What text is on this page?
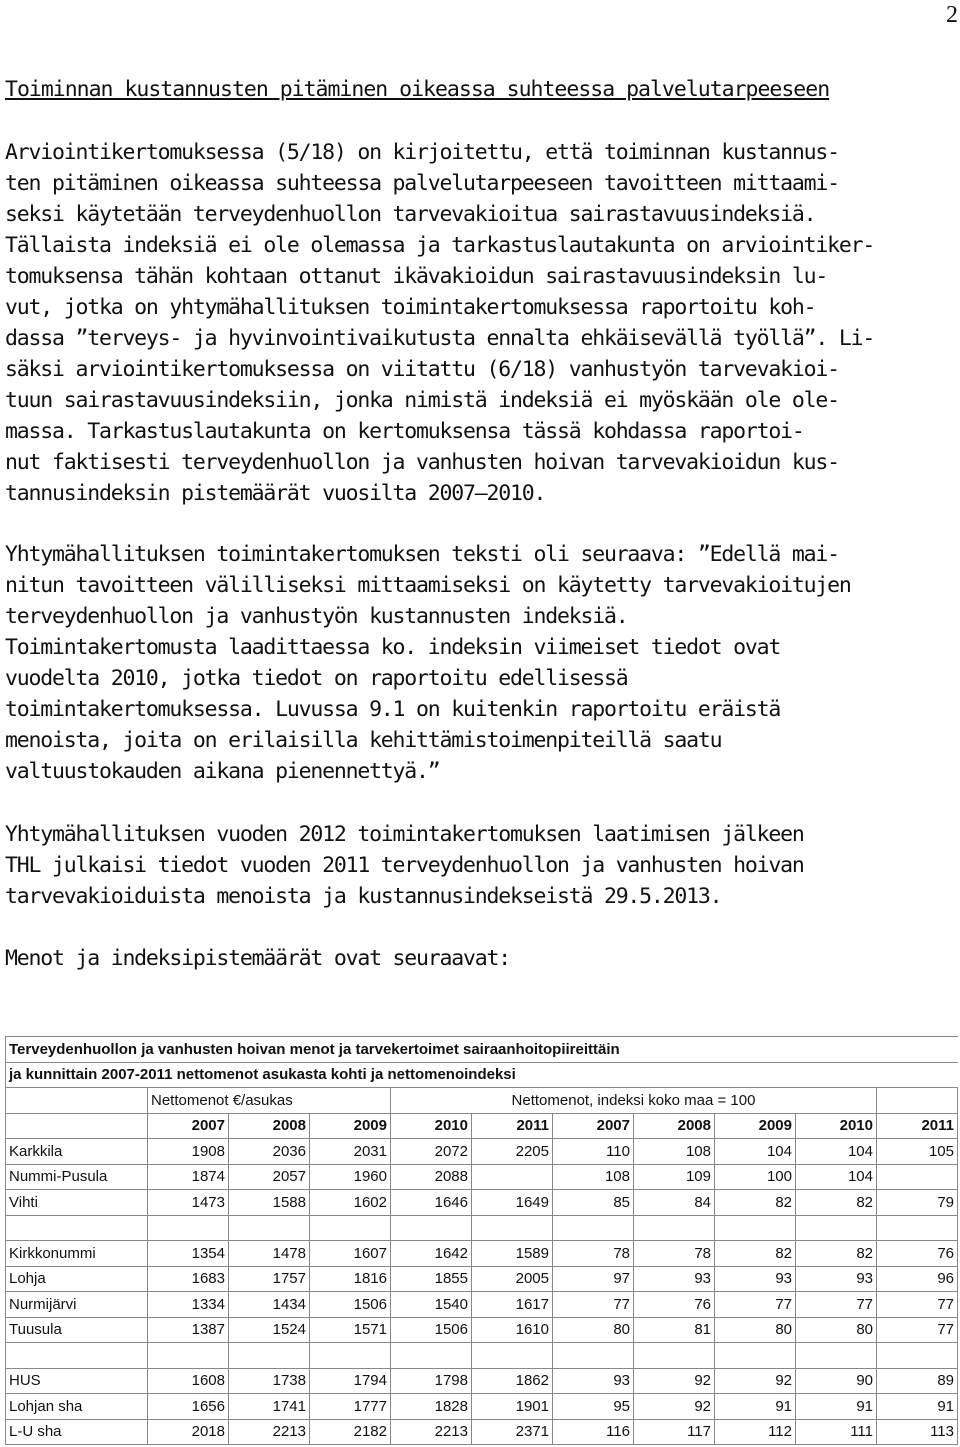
2
Toiminnan kustannusten pitäminen oikeassa suhteessa palvelutarpeeseen
Arviointikertomuksessa (5/18) on kirjoitettu, että toiminnan kustannus-
ten pitäminen oikeassa suhteessa palvelutarpeeseen tavoitteen mittaami-
seksi käytetään terveydenhuollon tarvevakioitua sairastavuusindeksiä.
Tällaista indeksiä ei ole olemassa ja tarkastuslautakunta on arviointiker-
tomuksensa tähän kohtaan ottanut ikävakioidun sairastavuusindeksin lu-
vut, jotka on yhtymähallituksen toimintakertomuksessa raportoitu koh-
dassa ”terveys- ja hyvinvointivaikutusta ennalta ehkäisevällä työllä”. Li-
säksi arviointikertomuksessa on viitattu (6/18) vanhustyön tarvevakioi-
tuun sairastavuusindeksiin, jonka nimistä indeksiä ei myöskään ole ole-
massa. Tarkastuslautakunta on kertomuksensa tässä kohdassa raportoi-
nut faktisesti terveydenhuollon ja vanhusten hoivan tarvevakioidun kus-
tannusindeksin pistemäärät vuosilta 2007–2010.
Yhtymähallituksen toimintakertomuksen teksti oli seuraava: ”Edellä mai-
nitun tavoitteen välilliseksi mittaamiseksi on käytetty tarvevakioitujen
terveydenhuollon ja vanhustyön kustannusten indeksiä.
Toimintakertomusta laadittaessa ko. indeksin viimeiset tiedot ovat
vuodelta 2010, jotka tiedot on raportoitu edellisessä
toimintakertomuksessa. Luvussa 9.1 on kuitenkin raportoitu eräistä
menoista, joita on erilaisilla kehittämistoimenpiteillä saatu
valtuustokauden aikana pienennettyä.”
Yhtymähallituksen vuoden 2012 toimintakertomuksen laatimisen jälkeen
THL julkaisi tiedot vuoden 2011 terveydenhuollon ja vanhusten hoivan
tarvevakioiduista menoista ja kustannusindekseistä 29.5.2013.
Menot ja indeksipistemäärät ovat seuraavat:
Terveydenhuollon ja vanhusten hoivan menot ja tarvekertoimet sairaanhoitopiireittäin										
ja kunnittain 2007-2011 nettomenot asukasta kohti ja nettomenoindeksi										
	Nettomenot €/asukas			Nettomenot, indeksi koko maa = 100						
	2007	2008	2009	2010	2011	2007	2008	2009	2010	2011
Karkkila	1908	2036	2031	2072	2205	110	108	104	104	105
Nummi-Pusula	1874	2057	1960	2088		108	109	100	104	
Vihti	1473	1588	1602	1646	1649	85	84	82	82	79

Kirkkonummi	1354	1478	1607	1642	1589	78	78	82	82	76
Lohja	1683	1757	1816	1855	2005	97	93	93	93	96
Nurmijärvi	1334	1434	1506	1540	1617	77	76	77	77	77
Tuusula	1387	1524	1571	1506	1610	80	81	80	80	77

HUS	1608	1738	1794	1798	1862	93	92	92	90	89
Lohjan sha	1656	1741	1777	1828	1901	95	92	91	91	91
L-U sha	2018	2213	2182	2213	2371	116	117	112	111	113
